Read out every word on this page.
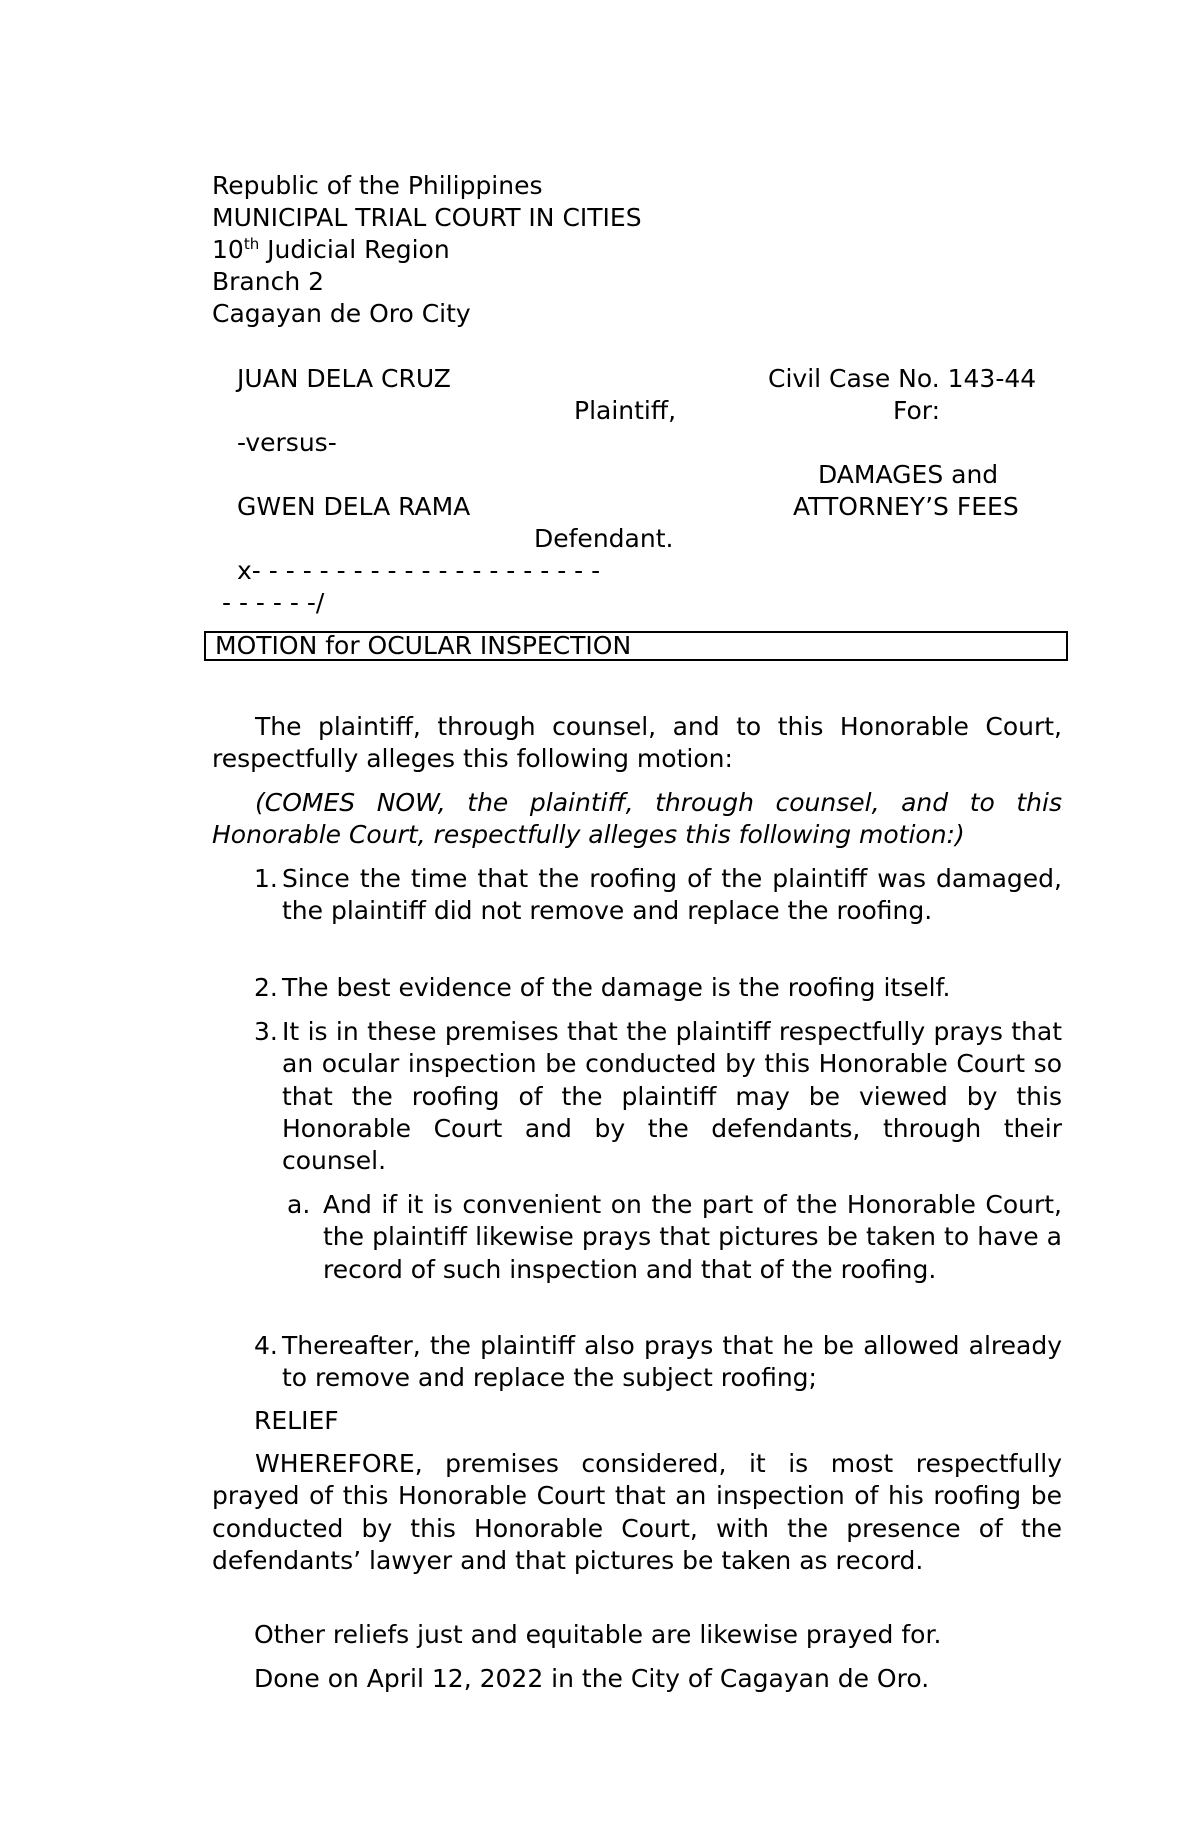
Republic of the Philippines
MUNICIPAL TRIAL COURT IN CITIES
10th Judicial Region
Branch 2
Cagayan de Oro City
JUAN DELA CRUZ
Plaintiff,
-versus-
GWEN DELA RAMA
Defendant.
x- - - - - - - - - - - - - - - - - - - - -
- - - - - -/
Civil Case No. 143-44
For:
DAMAGES and
ATTORNEY’S FEES
MOTION for OCULAR INSPECTION
The plaintiff, through counsel, and to this Honorable Court, respectfully alleges this following motion:
(COMES NOW, the plaintiff, through counsel, and to this Honorable Court, respectfully alleges this following motion:)
1. Since the time that the roofing of the plaintiff was damaged, the plaintiff did not remove and replace the roofing.
2. The best evidence of the damage is the roofing itself.
3. It is in these premises that the plaintiff respectfully prays that an ocular inspection be conducted by this Honorable Court so that the roofing of the plaintiff may be viewed by this Honorable Court and by the defendants, through their counsel.
a. And if it is convenient on the part of the Honorable Court, the plaintiff likewise prays that pictures be taken to have a record of such inspection and that of the roofing.
4. Thereafter, the plaintiff also prays that he be allowed already to remove and replace the subject roofing;
RELIEF
WHEREFORE, premises considered, it is most respectfully prayed of this Honorable Court that an inspection of his roofing be conducted by this Honorable Court, with the presence of the defendants’ lawyer and that pictures be taken as record.
Other reliefs just and equitable are likewise prayed for.
Done on April 12, 2022 in the City of Cagayan de Oro.
